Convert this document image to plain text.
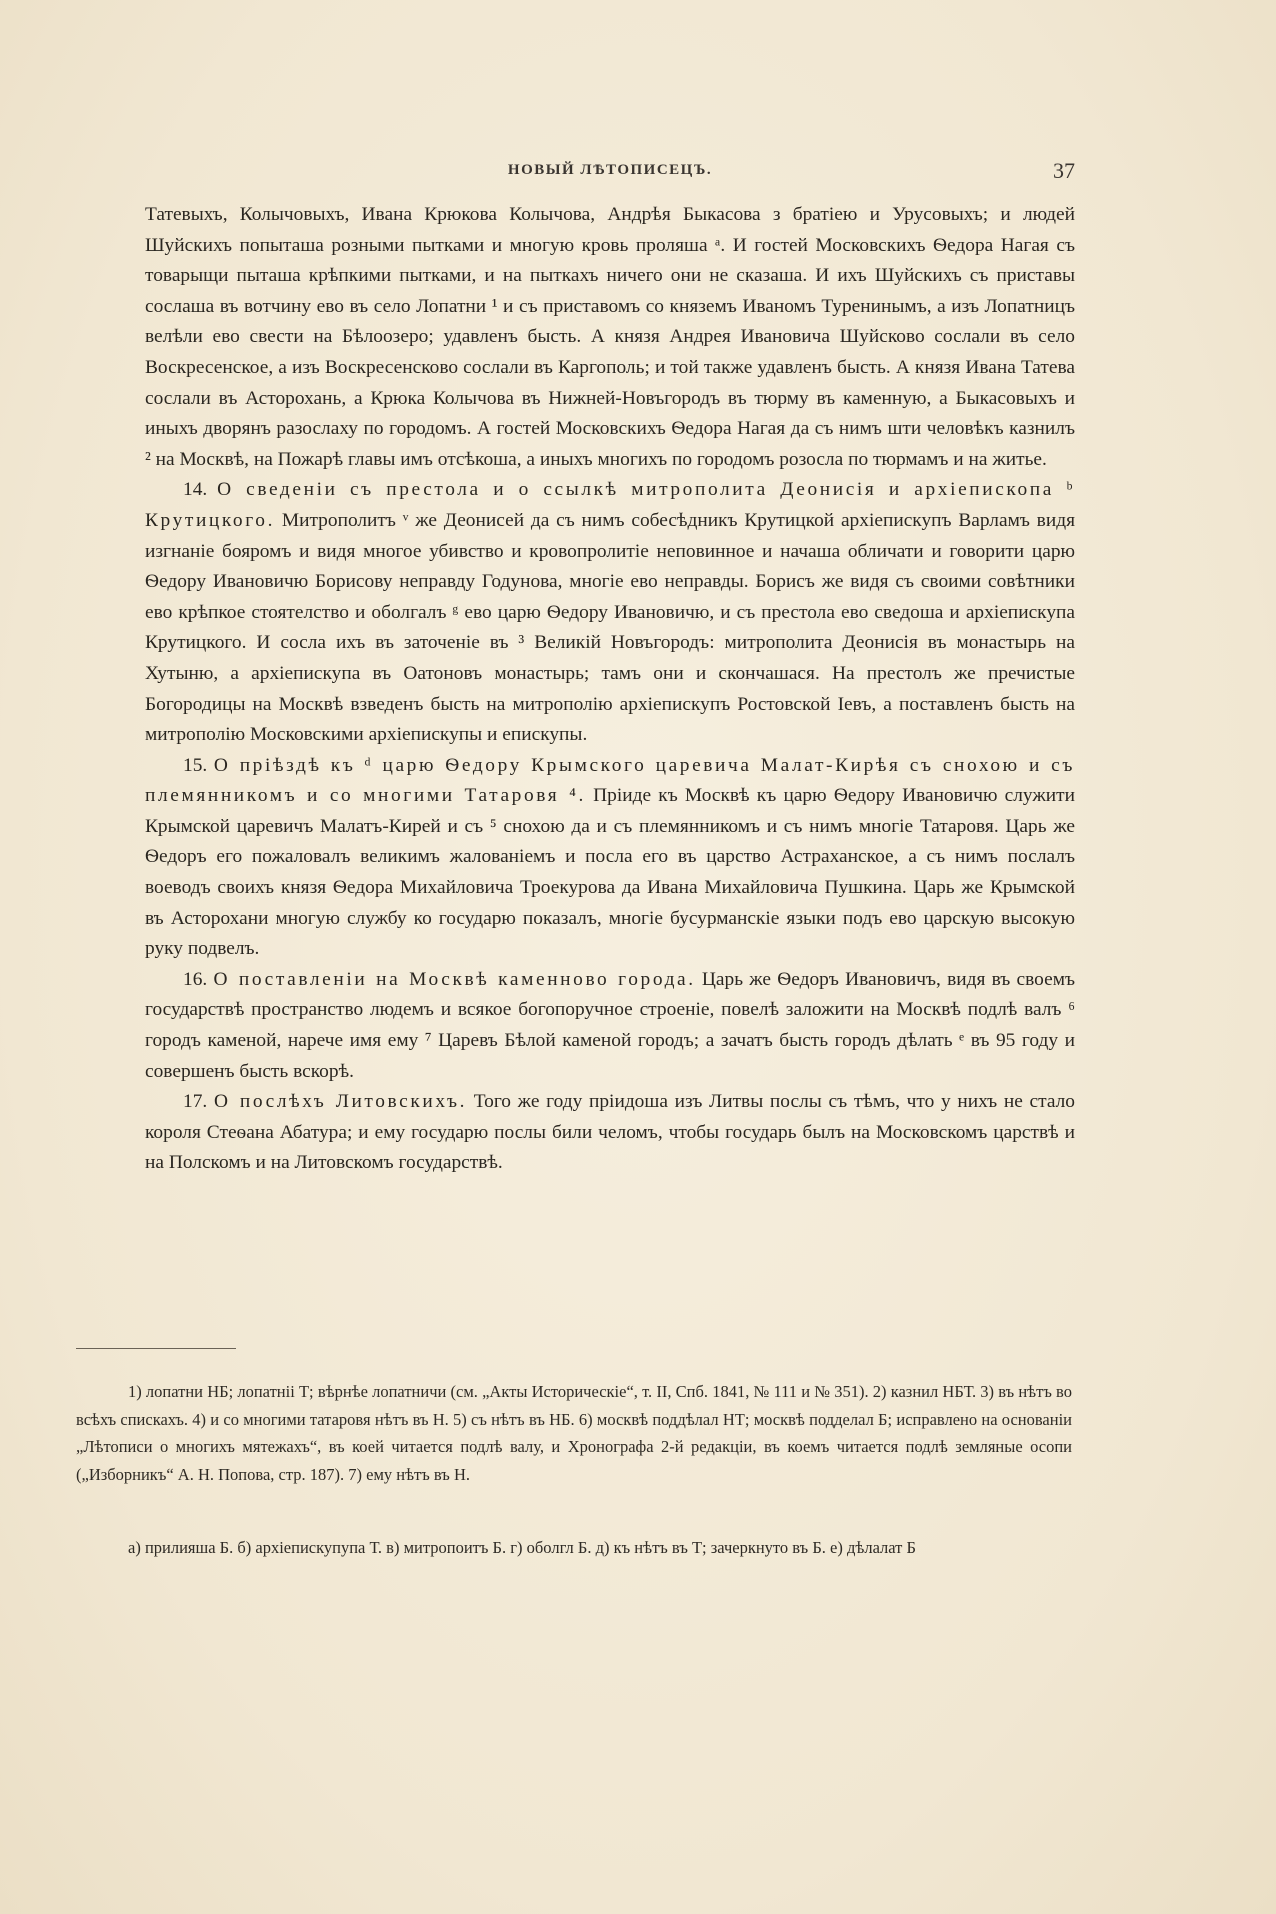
НОВЫЙ ЛѢТОПИСЕЦЪ.	37

Татевыхъ, Колычовыхъ, Ивана Крюкова Колычова, Андрѣя Быкасова з братiею и Урусовыхъ; и людей Шуйскихъ попыташа розными пытками и многую кровь проляша ᵃ. И гостей Московскихъ Ѳедора Нагая съ товарыщи пыташа крѣпкими пытками, и на пыткахъ ничего они не сказаша. И ихъ Шуйскихъ съ приставы сослаша въ вотчину ево въ село Лопатни ¹ и съ приставомъ со княземъ Иваномъ Туренинымъ, а изъ Лопатницъ велѣли ево свести на Бѣлоозеро; удавленъ бысть. А князя Андрея Ивановича Шуйсково сослали въ село Воскресенское, а изъ Воскресенсково сослали въ Каргополь; и той также удавленъ бысть. А князя Ивана Татева сослали въ Асторохань, а Крюка Колычова въ Нижней-Новъгородъ въ тюрму въ каменную, а Быкасовыхъ и иныхъ дворянъ разослаху по городомъ. А гостей Московскихъ Ѳедора Нагая да съ нимъ шти человѣкъ казнилъ ² на Москвѣ, на Пожарѣ главы имъ отсѣкоша, а иныхъ многихъ по городомъ розосла по тюрмамъ и на житье.

14. О сведенiи съ престола и о ссылкѣ митрополита Деонисiя и архiепископа ᵇ Крутицкого. Митрополитъ ᵛ же Деонисей да съ нимъ собесѣдникъ Крутицкой архiепискупъ Варламъ видя изгнанiе бояромъ и видя многое убивство и кровопролитiе неповинное и начаша обличати и говорити царю Ѳедору Ивановичю Борисову неправду Годунова, многiе ево неправды. Борисъ же видя съ своими совѣтники ево крѣпкое стоятелство и оболгалъ ᵍ ево царю Ѳедору Ивановичю, и съ престола ево сведоша и архiепискупа Крутицкого. И сосла ихъ въ заточенiе въ ³ Великiй Новъгородъ: митрополита Деонисiя въ монастырь на Хутыню, а архiепискупа въ Оатоновъ монастырь; тамъ они и скончашася. На престолъ же пречистые Богородицы на Москвѣ взведенъ бысть на митрополiю архiепискупъ Ростовской Iевъ, а поставленъ бысть на митрополiю Московскими архiепискупы и епискупы.

15. О прiѣздѣ къ ᵈ царю Ѳедору Крымского царевича Малат-Кирѣя съ снохою и съ племянникомъ и со многими Татаровя ⁴. Прiиде къ Москвѣ къ царю Ѳедору Ивановичю служити Крымской царевичъ Малатъ-Кирей и съ ⁵ снохою да и съ племянникомъ и съ нимъ многiе Татаровя. Царь же Ѳедоръ его пожаловалъ великимъ жалованiемъ и посла его въ царство Астраханское, а съ нимъ послалъ воеводъ своихъ князя Ѳедора Михайловича Троекурова да Ивана Михайловича Пушкина. Царь же Крымской въ Асторохани многую службу ко государю показалъ, многiе бусурманскiе языки подъ ево царскую высокую руку подвелъ.

16. О поставленiи на Москвѣ каменново города. Царь же Ѳедоръ Ивановичъ, видя въ своемъ государствѣ пространство людемъ и всякое богопоручное строенiе, повелѣ заложити на Москвѣ подлѣ валъ ⁶ городъ каменой, нарече имя ему ⁷ Царевъ Бѣлой каменой городъ; а зачатъ бысть городъ дѣлать ᵉ въ 95 году и совершенъ бысть вскорѣ.

17. О послѣхъ Литовскихъ. Того же году прiидоша изъ Литвы послы съ тѣмъ, что у нихъ не стало короля Стеѳана Абатура; и ему государю послы били челомъ, чтобы государь былъ на Московскомъ царствѣ и на Полскомъ и на Литовскомъ государствѣ.

1) лопатни НБ; лопатнiі Т; вѣрнѣе лопатничи (см. „Акты Историческiе“, т. II, Спб. 1841, № 111 и № 351). 2) казнил НБТ. 3) въ нѣтъ во всѣхъ спискахъ. 4) и со многими татаровя нѣтъ въ Н. 5) съ нѣтъ въ НБ. 6) москвѣ поддѣлал НТ; москвѣ подделал Б; исправлено на основанiи „Лѣтописи о многихъ мятежахъ“, въ коей читается подлѣ валу, и Хронографа 2-й редакцiи, въ коемъ читается подлѣ земляные осопи („Изборникъ“ А. Н. Попова, стр. 187). 7) ему нѣтъ въ Н.

а) прилияша Б. б) архiепискупупа Т. в) митропоитъ Б. г) оболгл Б. д) къ нѣтъ въ Т; зачеркнуто въ Б. е) дѣлалат Б
